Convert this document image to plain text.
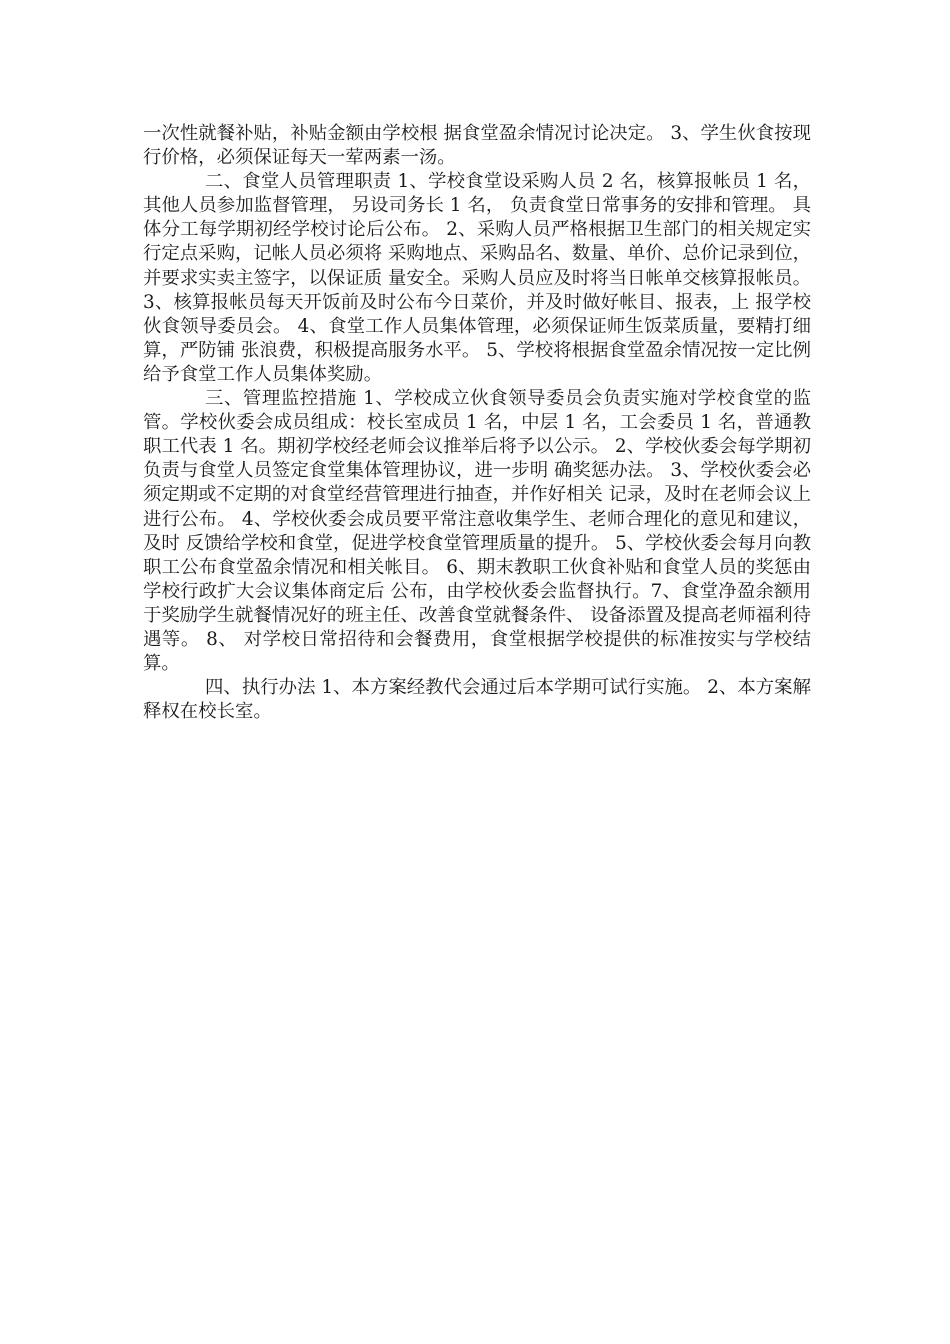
一次性就餐补贴，补贴金额由学校根 据食堂盈余情况讨论决定。 3、学生伙食按现行价格，必须保证每天一荤两素一汤。

二、食堂人员管理职责 1、学校食堂设采购人员 2 名，核算报帐员 1 名， 其他人员参加监督管理， 另设司务长 1 名， 负责食堂日常事务的安排和管理。 具体分工每学期初经学校讨论后公布。 2、采购人员严格根据卫生部门的相关规定实行定点采购，记帐人员必须将 采购地点、采购品名、数量、单价、总价记录到位，并要求实卖主签字，以保证质 量安全。采购人员应及时将当日帐单交核算报帐员。 3、核算报帐员每天开饭前及时公布今日菜价，并及时做好帐目、报表，上 报学校伙食领导委员会。 4、食堂工作人员集体管理，必须保证师生饭菜质量，要精打细算，严防铺 张浪费，积极提高服务水平。 5、学校将根据食堂盈余情况按一定比例给予食堂工作人员集体奖励。

三、管理监控措施 1、学校成立伙食领导委员会负责实施对学校食堂的监 管。学校伙委会成员组成：校长室成员 1 名，中层 1 名，工会委员 1 名，普通教 职工代表 1 名。期初学校经老师会议推举后将予以公示。 2、学校伙委会每学期初负责与食堂人员签定食堂集体管理协议，进一步明 确奖惩办法。 3、学校伙委会必须定期或不定期的对食堂经营管理进行抽查，并作好相关 记录，及时在老师会议上进行公布。 4、学校伙委会成员要平常注意收集学生、老师合理化的意见和建议，及时 反馈给学校和食堂，促进学校食堂管理质量的提升。 5、学校伙委会每月向教职工公布食堂盈余情况和相关帐目。 6、期末教职工伙食补贴和食堂人员的奖惩由学校行政扩大会议集体商定后 公布，由学校伙委会监督执行。7、食堂净盈余额用于奖励学生就餐情况好的班主任、改善食堂就餐条件、 设备添置及提高老师福利待遇等。 8、 对学校日常招待和会餐费用，食堂根据学校提供的标准按实与学校结算。

四、执行办法 1、本方案经教代会通过后本学期可试行实施。 2、本方案解释权在校长室。
